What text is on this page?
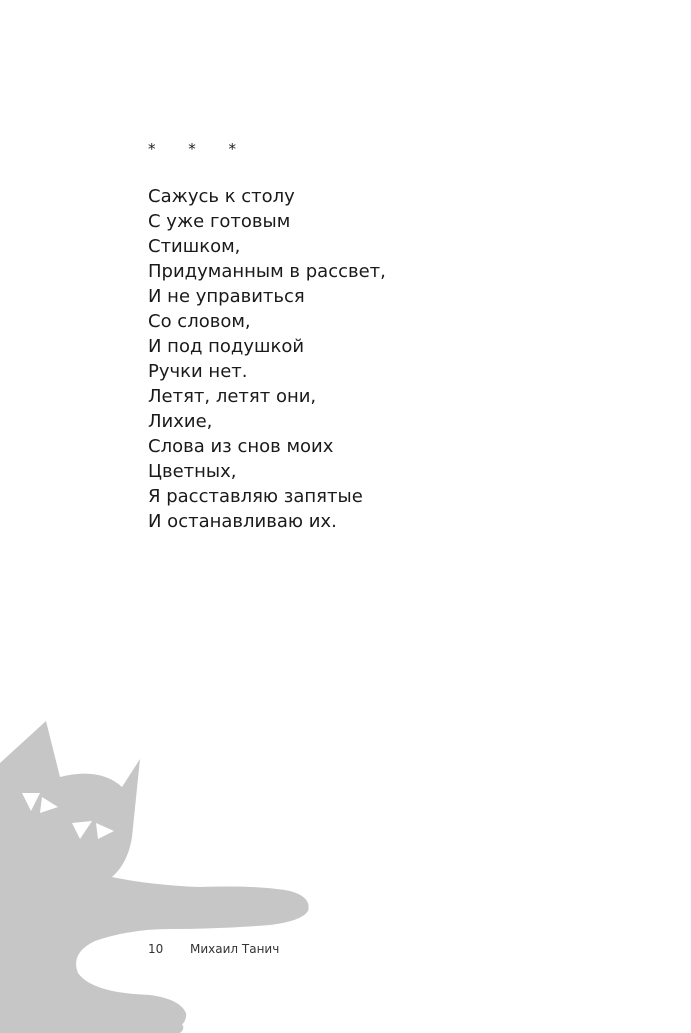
* * *
Сажусь к столу
С уже готовым
Стишком,
Придуманным в рассвет,
И не управиться
Со словом,
И под подушкой
Ручки нет.
Летят, летят они,
Лихие,
Слова из снов моих
Цветных,
Я расставляю запятые
И останавливаю их.
10 Михаил Танич
